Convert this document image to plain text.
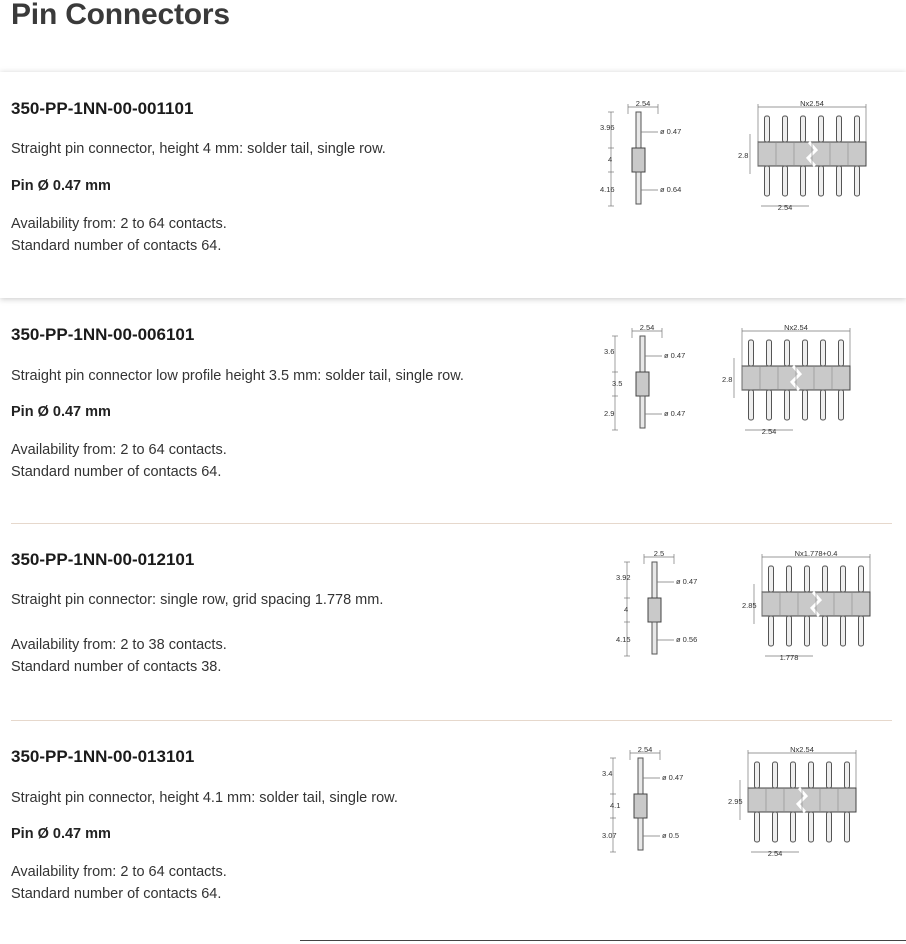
Pin Connectors
350-PP-1NN-00-001101

Straight pin connector, height 4 mm: solder tail, single row.

Pin Ø 0.47 mm

Availability from: 2 to 64 contacts.
Standard number of contacts 64.

2.54
3.96
4
4.16
ø 0.47
ø 0.64
Nx2.54
2.8
2.54
350-PP-1NN-00-006101

Straight pin connector low profile height 3.5 mm: solder tail, single row.

Pin Ø 0.47 mm

Availability from: 2 to 64 contacts.
Standard number of contacts 64.

2.54
3.6
3.5
2.9
ø 0.47
ø 0.47
Nx2.54
2.8
2.54
350-PP-1NN-00-012101

Straight pin connector: single row, grid spacing 1.778 mm.

Availability from: 2 to 38 contacts.
Standard number of contacts 38.

2.5
3.92
4
4.15
ø 0.47
ø 0.56
Nx1.778+0.4
2.85
1.778
350-PP-1NN-00-013101

Straight pin connector, height 4.1 mm: solder tail, single row.

Pin Ø 0.47 mm

Availability from: 2 to 64 contacts.
Standard number of contacts 64.

2.54
3.4
4.1
3.07
ø 0.47
ø 0.5
Nx2.54
2.95
2.54
